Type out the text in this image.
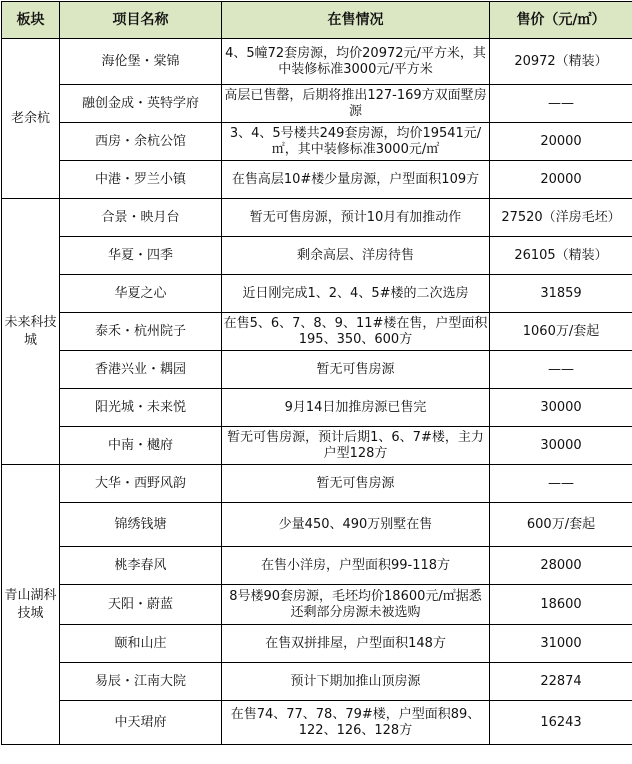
板块	项目名称	在售情况	售价（元/㎡）
老余杭	海伦堡・棠锦	4、5幢72套房源，均价20972元/平方米，其中装修标准3000元/平方米	20972（精装）
	融创金成・英特学府	高层已售罄，后期将推出127-169方双面墅房源	——
	西房・余杭公馆	3、4、5号楼共249套房源，均价19541元/㎡，其中装修标准3000元/㎡	20000
	中港・罗兰小镇	在售高层10#楼少量房源，户型面积109方	20000
未来科技城	合景・映月台	暂无可售房源，预计10月有加推动作	27520（洋房毛坯）
	华夏・四季	剩余高层、洋房待售	26105（精装）
	华夏之心	近日刚完成1、2、4、5#楼的二次选房	31859
	泰禾・杭州院子	在售5、6、7、8、9、11#楼在售，户型面积195、350、600方	1060万/套起
	香港兴业・耦园	暂无可售房源	——
	阳光城・未来悦	9月14日加推房源已售完	30000
	中南・樾府	暂无可售房源，预计后期1、6、7#楼，主力户型128方	30000
青山湖科技城	大华・西野风韵	暂无可售房源	——
	锦绣钱塘	少量450、490万别墅在售	600万/套起
	桃李春风	在售小洋房，户型面积99-118方	28000
	天阳・蔚蓝	8号楼90套房源，毛坯均价18600元/㎡据悉还剩部分房源未被选购	18600
	颐和山庄	在售双拼排屋，户型面积148方	31000
	易辰・江南大院	预计下期加推山顶房源	22874
	中天珺府	在售74、77、78、79#楼，户型面积89、122、126、128方	16243
